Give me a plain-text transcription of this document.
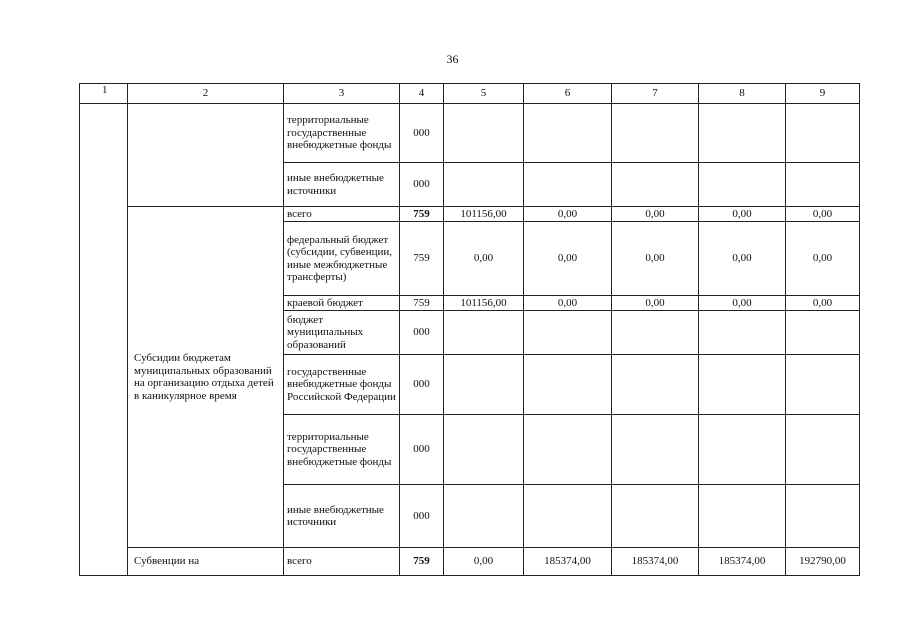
36
1	2	3	4	5	6	7	8	9
		территориальные государственные внебюджетные фонды	000					
		иные внебюджетные источники	000					
	Субсидии бюджетам муниципальных образований на организацию отдыха детей в каникулярное время	всего	759	101156,00	0,00	0,00	0,00	0,00
		федеральный бюджет (субсидии, субвенции, иные межбюджетные трансферты)	759	0,00	0,00	0,00	0,00	0,00
		краевой бюджет	759	101156,00	0,00	0,00	0,00	0,00
		бюджет муниципальных образований	000					
		государственные внебюджетные фонды Российской Федерации	000					
		территориальные государственные внебюджетные фонды	000					
		иные внебюджетные источники	000					
	Субвенции на	всего	759	0,00	185374,00	185374,00	185374,00	192790,00
